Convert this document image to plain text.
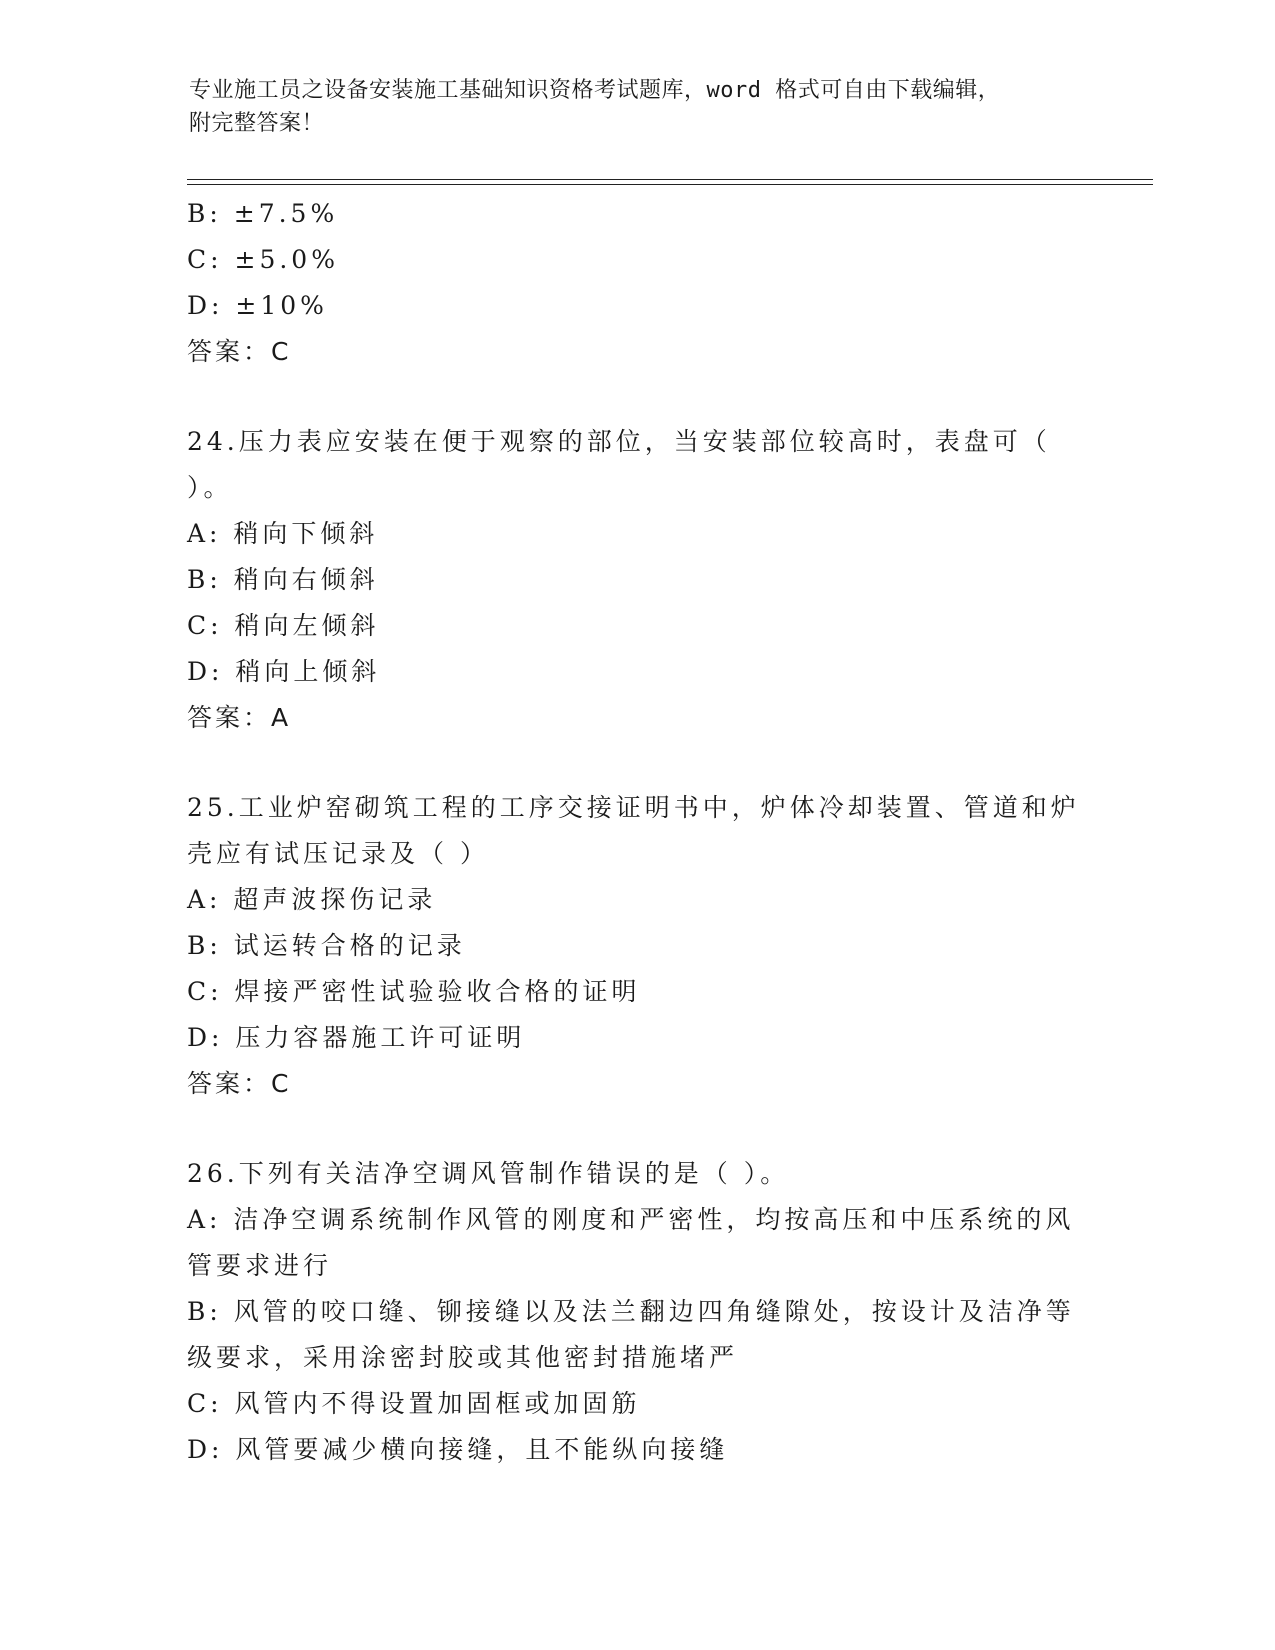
专业施工员之设备安装施工基础知识资格考试题库，word 格式可自由下载编辑，
附完整答案！
B: ±7.5%
C: ±5.0%
D: ±10%
答案：C
24.压力表应安装在便于观察的部位，当安装部位较高时，表盘可（
）。
A: 稍向下倾斜
B: 稍向右倾斜
C: 稍向左倾斜
D: 稍向上倾斜
答案：A
25.工业炉窑砌筑工程的工序交接证明书中，炉体冷却装置、管道和炉
壳应有试压记录及（ ）
A: 超声波探伤记录
B: 试运转合格的记录
C: 焊接严密性试验验收合格的证明
D: 压力容器施工许可证明
答案：C
26.下列有关洁净空调风管制作错误的是（ ）。
A: 洁净空调系统制作风管的刚度和严密性，均按高压和中压系统的风
管要求进行
B: 风管的咬口缝、铆接缝以及法兰翻边四角缝隙处，按设计及洁净等
级要求，采用涂密封胶或其他密封措施堵严
C: 风管内不得设置加固框或加固筋
D: 风管要减少横向接缝，且不能纵向接缝
